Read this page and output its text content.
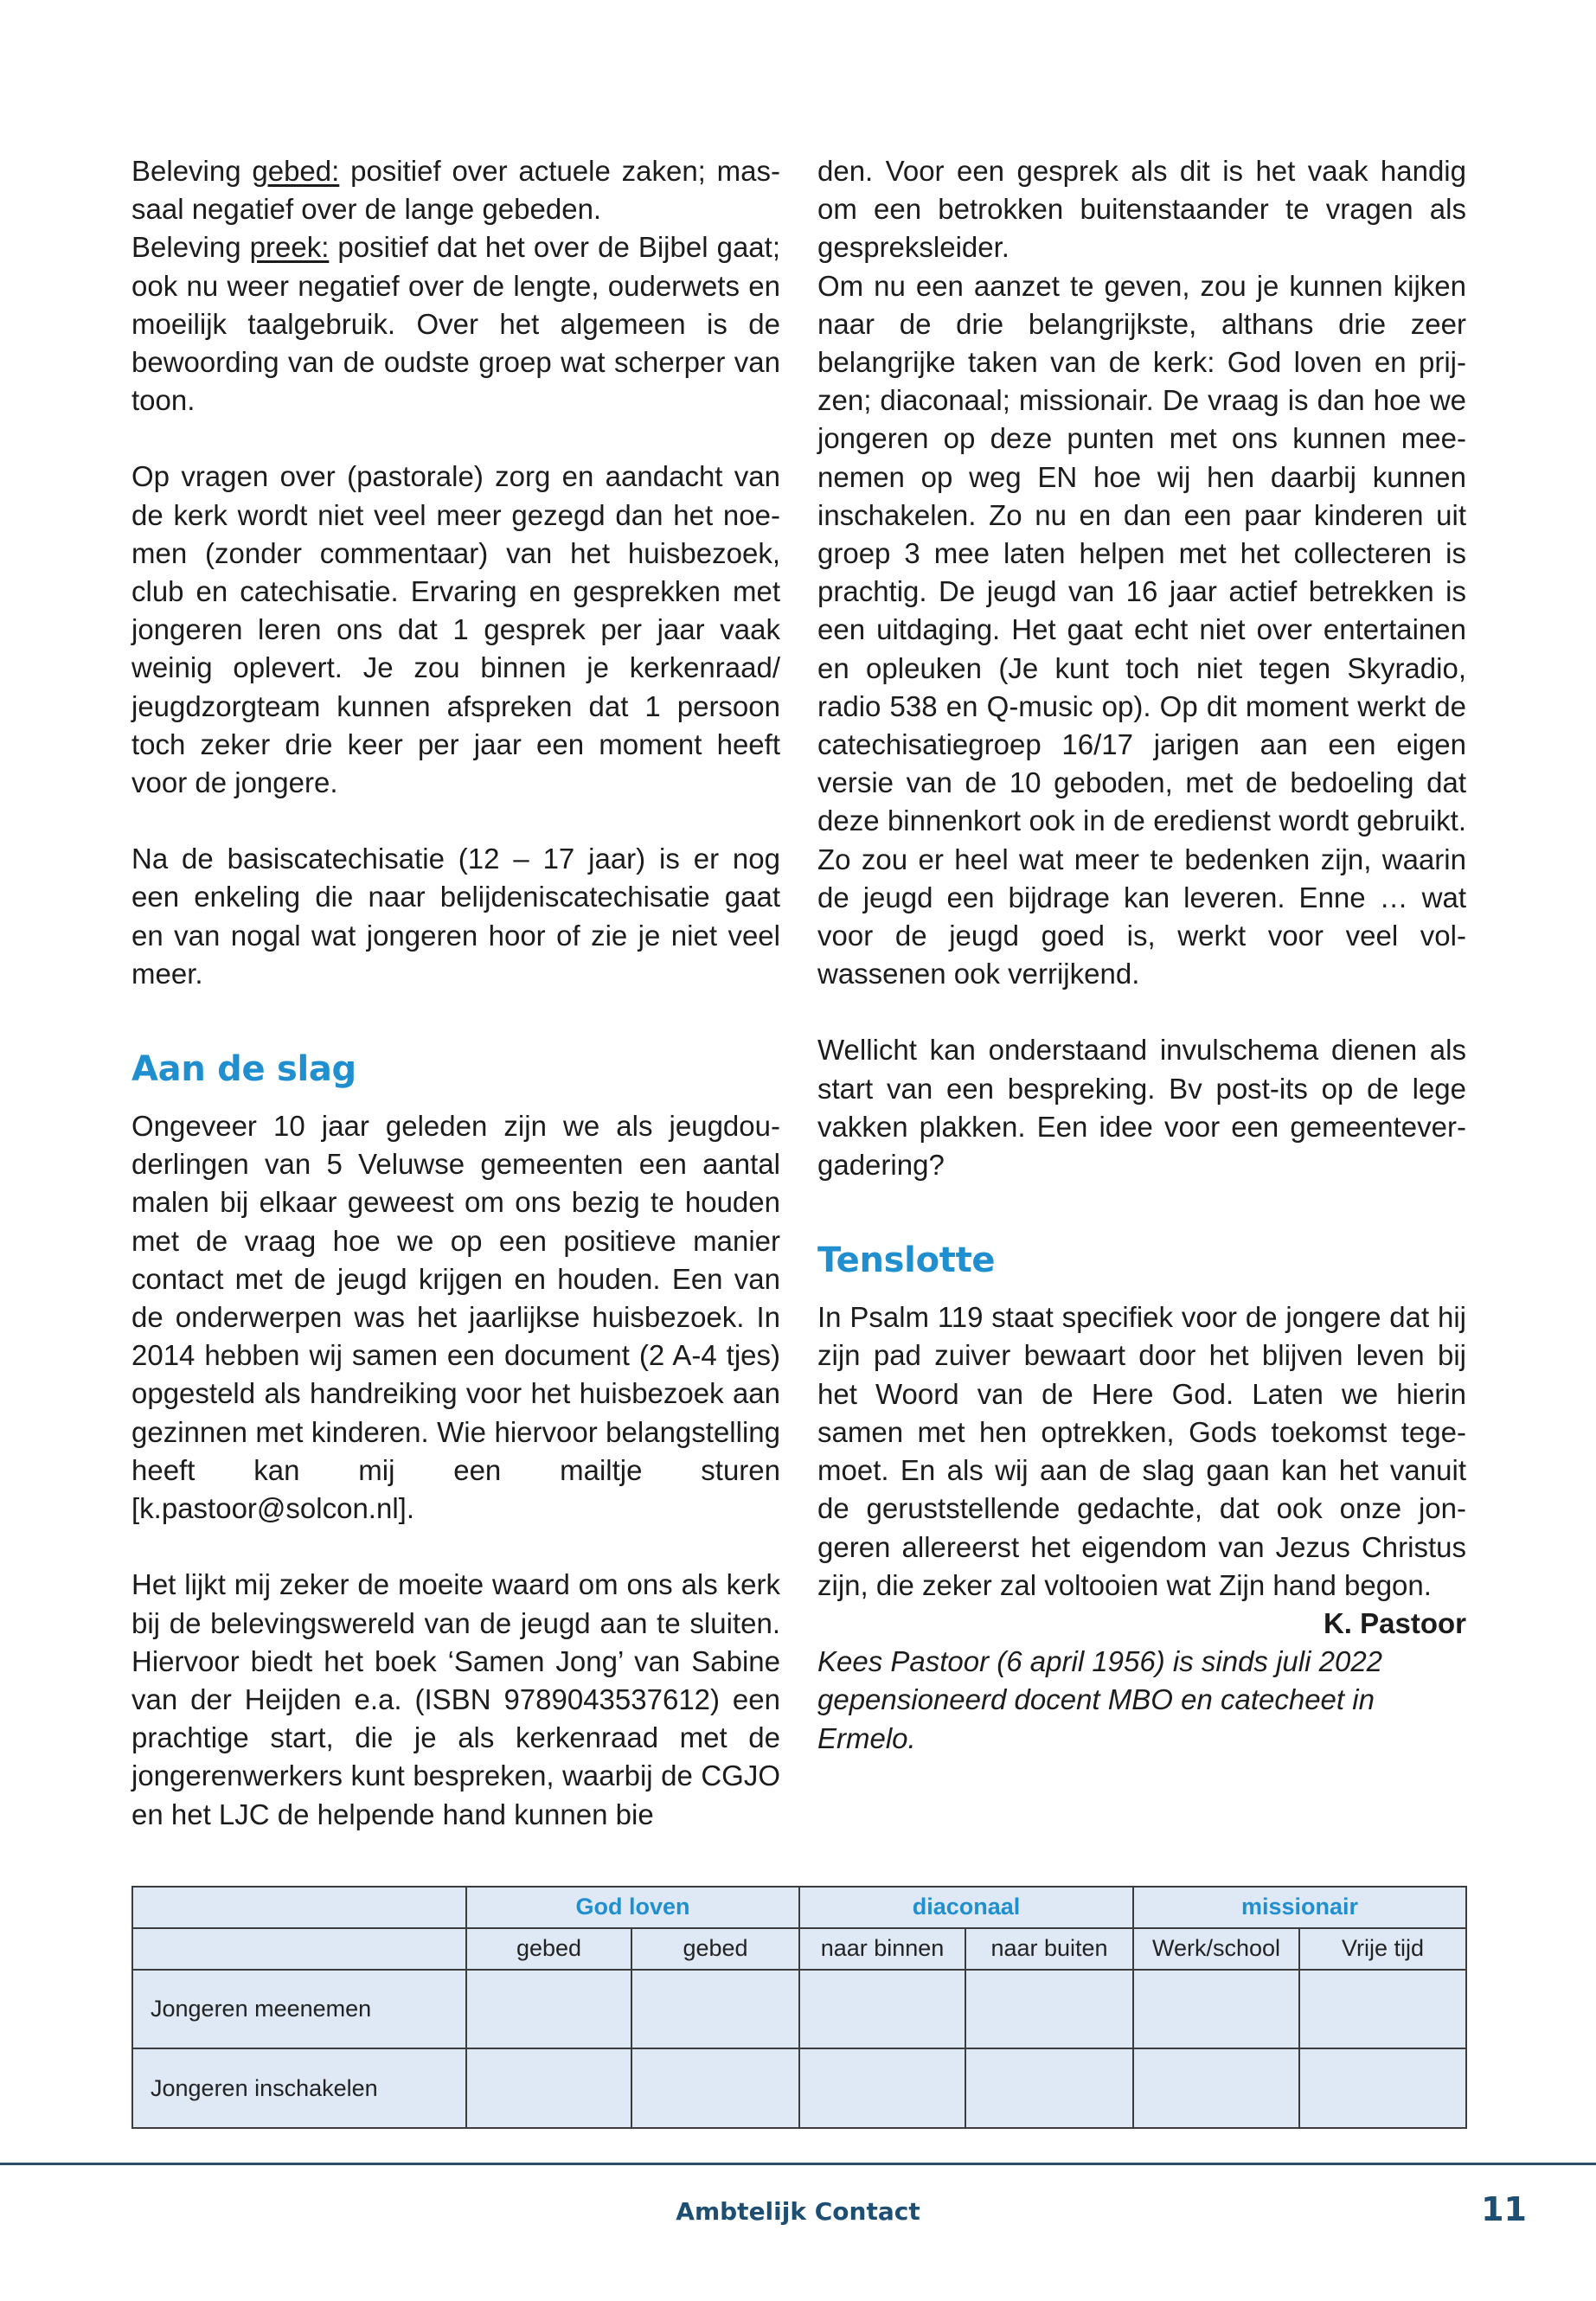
Beleving gebed: positief over actuele zaken; massaal negatief over de lange gebeden.

Beleving preek: positief dat het over de Bijbel gaat; ook nu weer negatief over de lengte, ouderwets en moeilijk taalgebruik. Over het algemeen is de bewoording van de oudste groep wat scherper van toon.

Op vragen over (pastorale) zorg en aandacht van de kerk wordt niet veel meer gezegd dan het noemen (zonder commentaar) van het huisbezoek, club en catechisatie. Ervaring en gesprekken met jongeren leren ons dat 1 gesprek per jaar vaak weinig oplevert. Je zou binnen je kerkenraad/ jeugdzorgteam kunnen afspreken dat 1 persoon toch zeker drie keer per jaar een moment heeft voor de jongere.

Na de basiscatechisatie (12 – 17 jaar) is er nog een enkeling die naar belijdeniscatechisatie gaat en van nogal wat jongeren hoor of zie je niet veel meer.

Aan de slag

Ongeveer 10 jaar geleden zijn we als jeugdouderlingen van 5 Veluwse gemeenten een aantal malen bij elkaar geweest om ons bezig te houden met de vraag hoe we op een positieve manier contact met de jeugd krijgen en houden. Een van de onderwerpen was het jaarlijkse huisbezoek. In 2014 hebben wij samen een document (2 A-4 tjes) opgesteld als handreiking voor het huisbezoek aan gezinnen met kinderen. Wie hiervoor belangstelling heeft kan mij een mailtje sturen [k.pastoor@solcon.nl].

Het lijkt mij zeker de moeite waard om ons als kerk bij de belevingswereld van de jeugd aan te sluiten. Hiervoor biedt het boek ‘Samen Jong’ van Sabine van der Heijden e.a. (ISBN 9789043537612) een prachtige start, die je als kerkenraad met de jongerenwerkers kunt bespreken, waarbij de CGJO en het LJC de helpende hand kunnen bie

den. Voor een gesprek als dit is het vaak handig om een betrokken buitenstaander te vragen als gespreksleider.

Om nu een aanzet te geven, zou je kunnen kijken naar de drie belangrijkste, althans drie zeer belangrijke taken van de kerk: God loven en prijzen; diaconaal; missionair. De vraag is dan hoe we jongeren op deze punten met ons kunnen meenemen op weg EN hoe wij hen daarbij kunnen inschakelen. Zo nu en dan een paar kinderen uit groep 3 mee laten helpen met het collecteren is prachtig. De jeugd van 16 jaar actief betrekken is een uitdaging. Het gaat echt niet over entertainen en opleuken (Je kunt toch niet tegen Skyradio, radio 538 en Q-music op). Op dit moment werkt de catechisatiegroep 16/17 jarigen aan een eigen versie van de 10 geboden, met de bedoeling dat deze binnenkort ook in de eredienst wordt gebruikt. Zo zou er heel wat meer te bedenken zijn, waarin de jeugd een bijdrage kan leveren. Enne … wat voor de jeugd goed is, werkt voor veel volwassenen ook verrijkend.

Wellicht kan onderstaand invulschema dienen als start van een bespreking. Bv post-its op de lege vakken plakken. Een idee voor een gemeentevergadering?

Tenslotte

In Psalm 119 staat specifiek voor de jongere dat hij zijn pad zuiver bewaart door het blijven leven bij het Woord van de Here God. Laten we hierin samen met hen optrekken, Gods toekomst tegemoet. En als wij aan de slag gaan kan het vanuit de geruststellende gedachte, dat ook onze jongeren allereerst het eigendom van Jezus Christus zijn, die zeker zal voltooien wat Zijn hand begon.

K. Pastoor

Kees Pastoor (6 april 1956) is sinds juli 2022 gepensioneerd docent MBO en catecheet in Ermelo.

	God loven		diaconaal		missionair	
	gebed	gebed	naar binnen	naar buiten	Werk/school	Vrije tijd
Jongeren meenemen						
Jongeren inschakelen						
Ambtelijk Contact	11
